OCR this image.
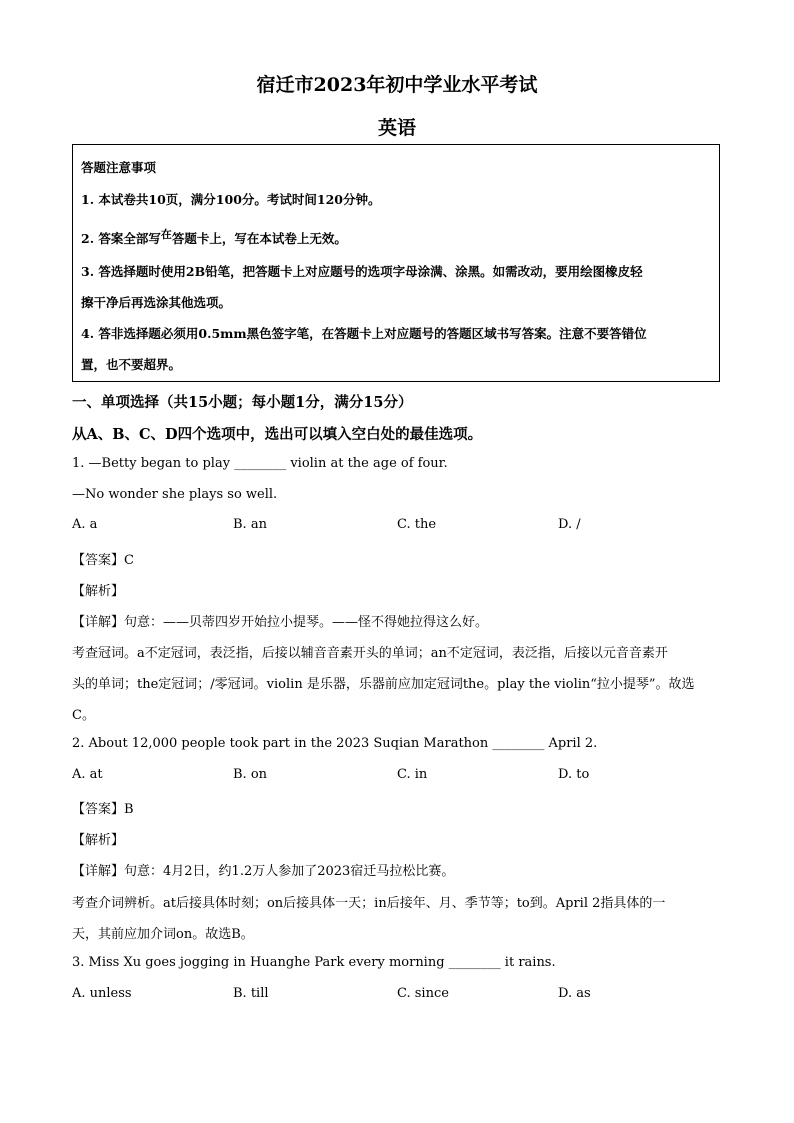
宿迁市2023年初中学业水平考试
英语
答题注意事项
1. 本试卷共10页，满分100分。考试时间120分钟。
2. 答案全部写在答题卡上，写在本试卷上无效。
3. 答选择题时使用2B铅笔，把答题卡上对应题号的选项字母涂满、涂黑。如需改动，要用绘图橡皮轻
擦干净后再选涂其他选项。
4. 答非选择题必须用0.5mm黑色签字笔，在答题卡上对应题号的答题区域书写答案。注意不要答错位
置，也不要超界。
一、单项选择（共15小题；每小题1分，满分15分）
从A、B、C、D四个选项中，选出可以填入空白处的最佳选项。
1. —Betty began to play ________ violin at the age of four.
—No wonder she plays so well.
A. a	B. an	C. the	D. /
【答案】C
【解析】
【详解】句意：——贝蒂四岁开始拉小提琴。——怪不得她拉得这么好。
考查冠词。a不定冠词，表泛指，后接以辅音音素开头的单词；an不定冠词，表泛指，后接以元音音素开
头的单词；the定冠词；/零冠词。violin 是乐器，乐器前应加定冠词the。play the violin“拉小提琴”。故选
C。
2. About 12,000 people took part in the 2023 Suqian Marathon ________ April 2.
A. at	B. on	C. in	D. to
【答案】B
【解析】
【详解】句意：4月2日，约1.2万人参加了2023宿迁马拉松比赛。
考查介词辨析。at后接具体时刻；on后接具体一天；in后接年、月、季节等；to到。April 2指具体的一
天，其前应加介词on。故选B。
3. Miss Xu goes jogging in Huanghe Park every morning ________ it rains.
A. unless	B. till	C. since	D. as
